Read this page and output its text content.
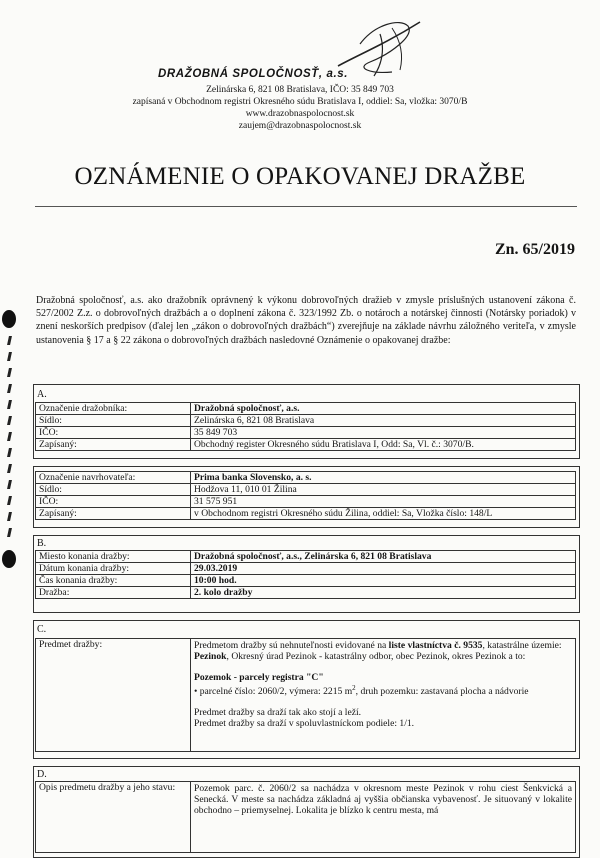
DRAŽOBNÁ SPOLOČNOSŤ, a.s.
Zelinárska 6, 821 08 Bratislava, IČO: 35 849 703
zapísaná v Obchodnom registri Okresného súdu Bratislava I, oddiel: Sa, vložka: 3070/B
www.drazobnaspolocnost.sk
zaujem@drazobnaspolocnost.sk
OZNÁMENIE O OPAKOVANEJ DRAŽBE
Zn. 65/2019
Dražobná spoločnosť, a.s. ako dražobník oprávnený k výkonu dobrovoľných dražieb v zmysle príslušných ustanovení zákona č. 527/2002 Z.z. o dobrovoľných dražbách a o doplnení zákona č. 323/1992 Zb. o notároch a notárskej činnosti (Notársky poriadok) v znení neskorších predpisov (ďalej len „zákon o dobrovoľných dražbách“) zverejňuje na základe návrhu záložného veriteľa, v zmysle ustanovenia § 17 a § 22 zákona o dobrovoľných dražbách nasledovné Oznámenie o opakovanej dražbe:
A.
Označenie dražobníka:	Dražobná spoločnosť, a.s.
Sídlo:	Zelinárska 6, 821 08 Bratislava
IČO:	35 849 703
Zapísaný:	Obchodný register Okresného súdu Bratislava I, Odd: Sa, Vl. č.: 3070/B.
Označenie navrhovateľa:	Prima banka Slovensko, a. s.
Sídlo:	Hodžova 11, 010 01 Žilina
IČO:	31 575 951
Zapísaný:	v Obchodnom registri Okresného súdu Žilina, oddiel: Sa, Vložka číslo: 148/L
B.
Miesto konania dražby:	Dražobná spoločnosť, a.s., Zelinárska 6, 821 08 Bratislava
Dátum konania dražby:	29.03.2019
Čas konania dražby:	10:00 hod.
Dražba:	2. kolo dražby
C.
Predmet dražby:	Predmetom dražby sú nehnuteľnosti evidované na liste vlastníctva č. 9535, katastrálne územie: Pezinok, Okresný úrad Pezinok - katastrálny odbor, obec Pezinok, okres Pezinok a to:
Pozemok - parcely registra "C"
• parcelné číslo: 2060/2, výmera: 2215 $m^2$, druh pozemku: zastavaná plocha a nádvorie
Predmet dražby sa draží tak ako stojí a leží.
Predmet dražby sa draží v spoluvlastníckom podiele: 1/1.
D.
Opis predmetu dražby a jeho stavu:	Pozemok parc. č. 2060/2 sa nachádza v okresnom meste Pezinok v rohu ciest Šenkvická a Senecká. V meste sa nachádza základná aj vyššia občianska vybavenosť. Je situovaný v lokalite obchodno – priemyselnej. Lokalita je blízko k centru mesta, má
